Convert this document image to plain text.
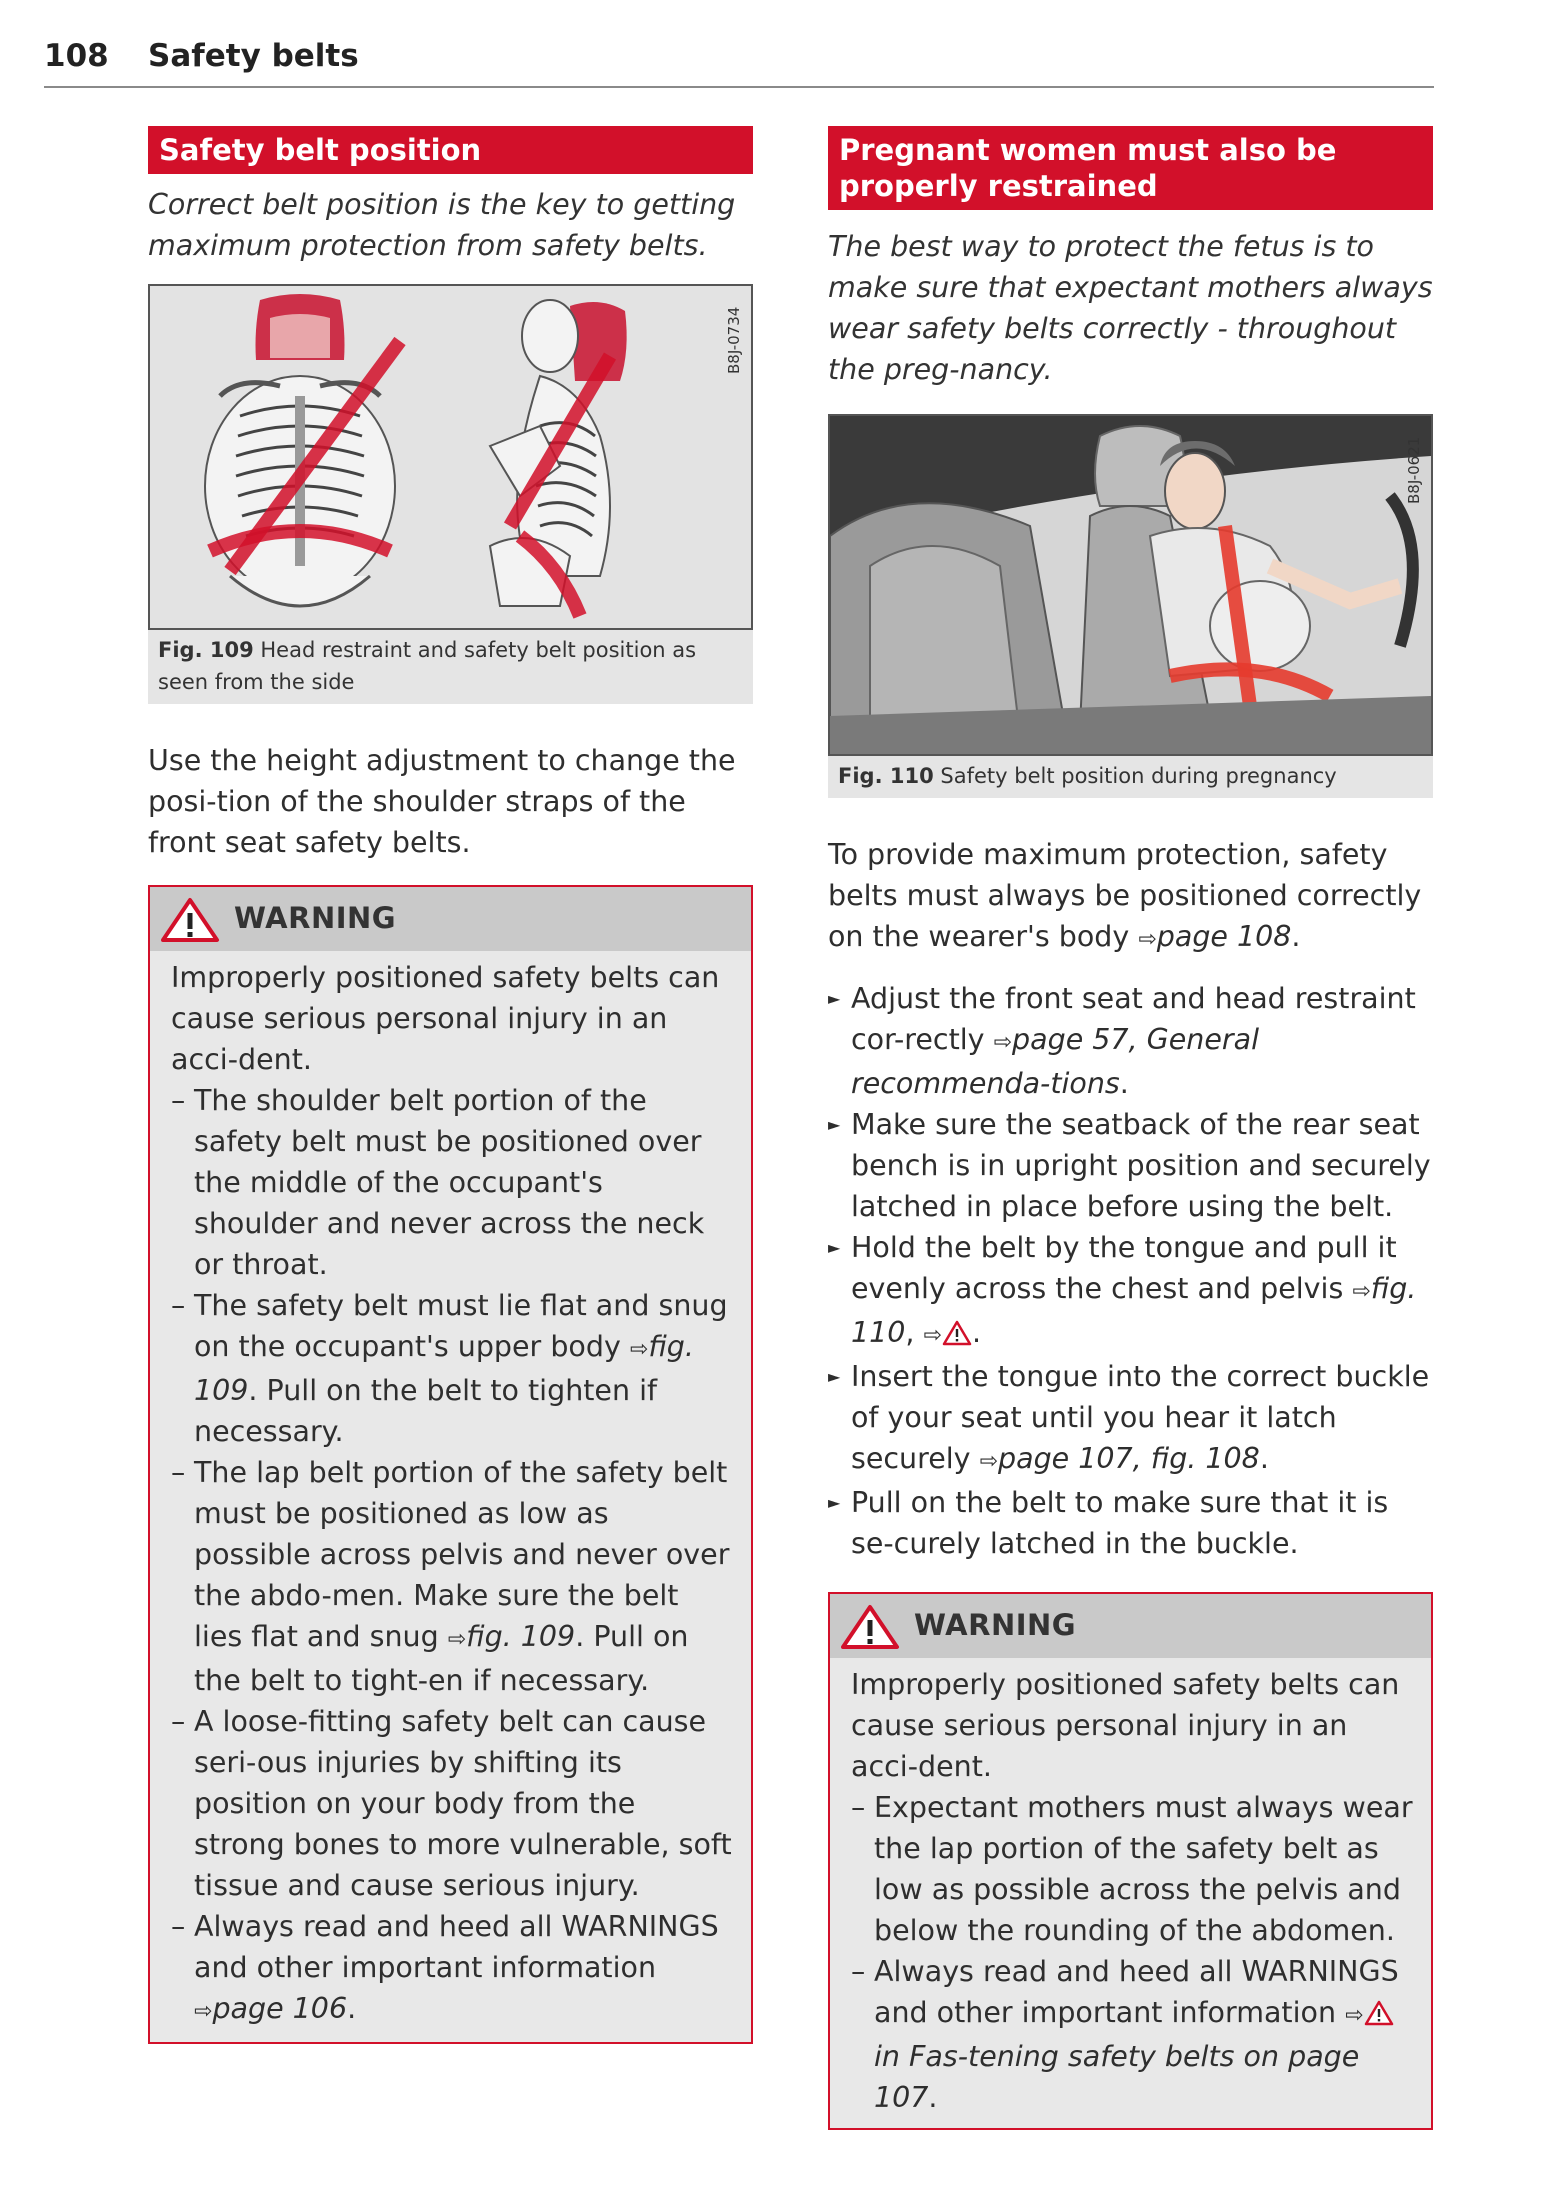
108 Safety belts
Safety belt position

Correct belt position is the key to getting maximum protection from safety belts.

B8J-0734
Fig. 109 Head restraint and safety belt position as seen from the side

Use the height adjustment to change the posi-tion of the shoulder straps of the front seat safety belts.

WARNING
Improperly positioned safety belts can cause serious personal injury in an acci-dent.
– The shoulder belt portion of the safety belt must be positioned over the middle of the occupant's shoulder and never across the neck or throat.
– The safety belt must lie flat and snug on the occupant's upper body ⇨fig. 109. Pull on the belt to tighten if necessary.
– The lap belt portion of the safety belt must be positioned as low as possible across pelvis and never over the abdo-men. Make sure the belt lies flat and snug ⇨fig. 109. Pull on the belt to tight-en if necessary.
– A loose-fitting safety belt can cause seri-ous injuries by shifting its position on your body from the strong bones to more vulnerable, soft tissue and cause serious injury.
– Always read and heed all WARNINGS and other important information ⇨page 106.
Pregnant women must also be properly restrained

The best way to protect the fetus is to make sure that expectant mothers always wear safety belts correctly - throughout the preg-nancy.

B8J-0621
Fig. 110 Safety belt position during pregnancy

To provide maximum protection, safety belts must always be positioned correctly on the wearer's body ⇨page 108.

► Adjust the front seat and head restraint cor-rectly ⇨page 57, General recommenda-tions.
► Make sure the seatback of the rear seat bench is in upright position and securely latched in place before using the belt.
► Hold the belt by the tongue and pull it evenly across the chest and pelvis ⇨fig. 110, ⇨ .
► Insert the tongue into the correct buckle of your seat until you hear it latch securely ⇨page 107, fig. 108.
► Pull on the belt to make sure that it is se-curely latched in the buckle.
WARNING
Improperly positioned safety belts can cause serious personal injury in an acci-dent.
– Expectant mothers must always wear the lap portion of the safety belt as low as possible across the pelvis and below the rounding of the abdomen.
– Always read and heed all WARNINGS and other important information ⇨ in Fas-tening safety belts on page 107.
